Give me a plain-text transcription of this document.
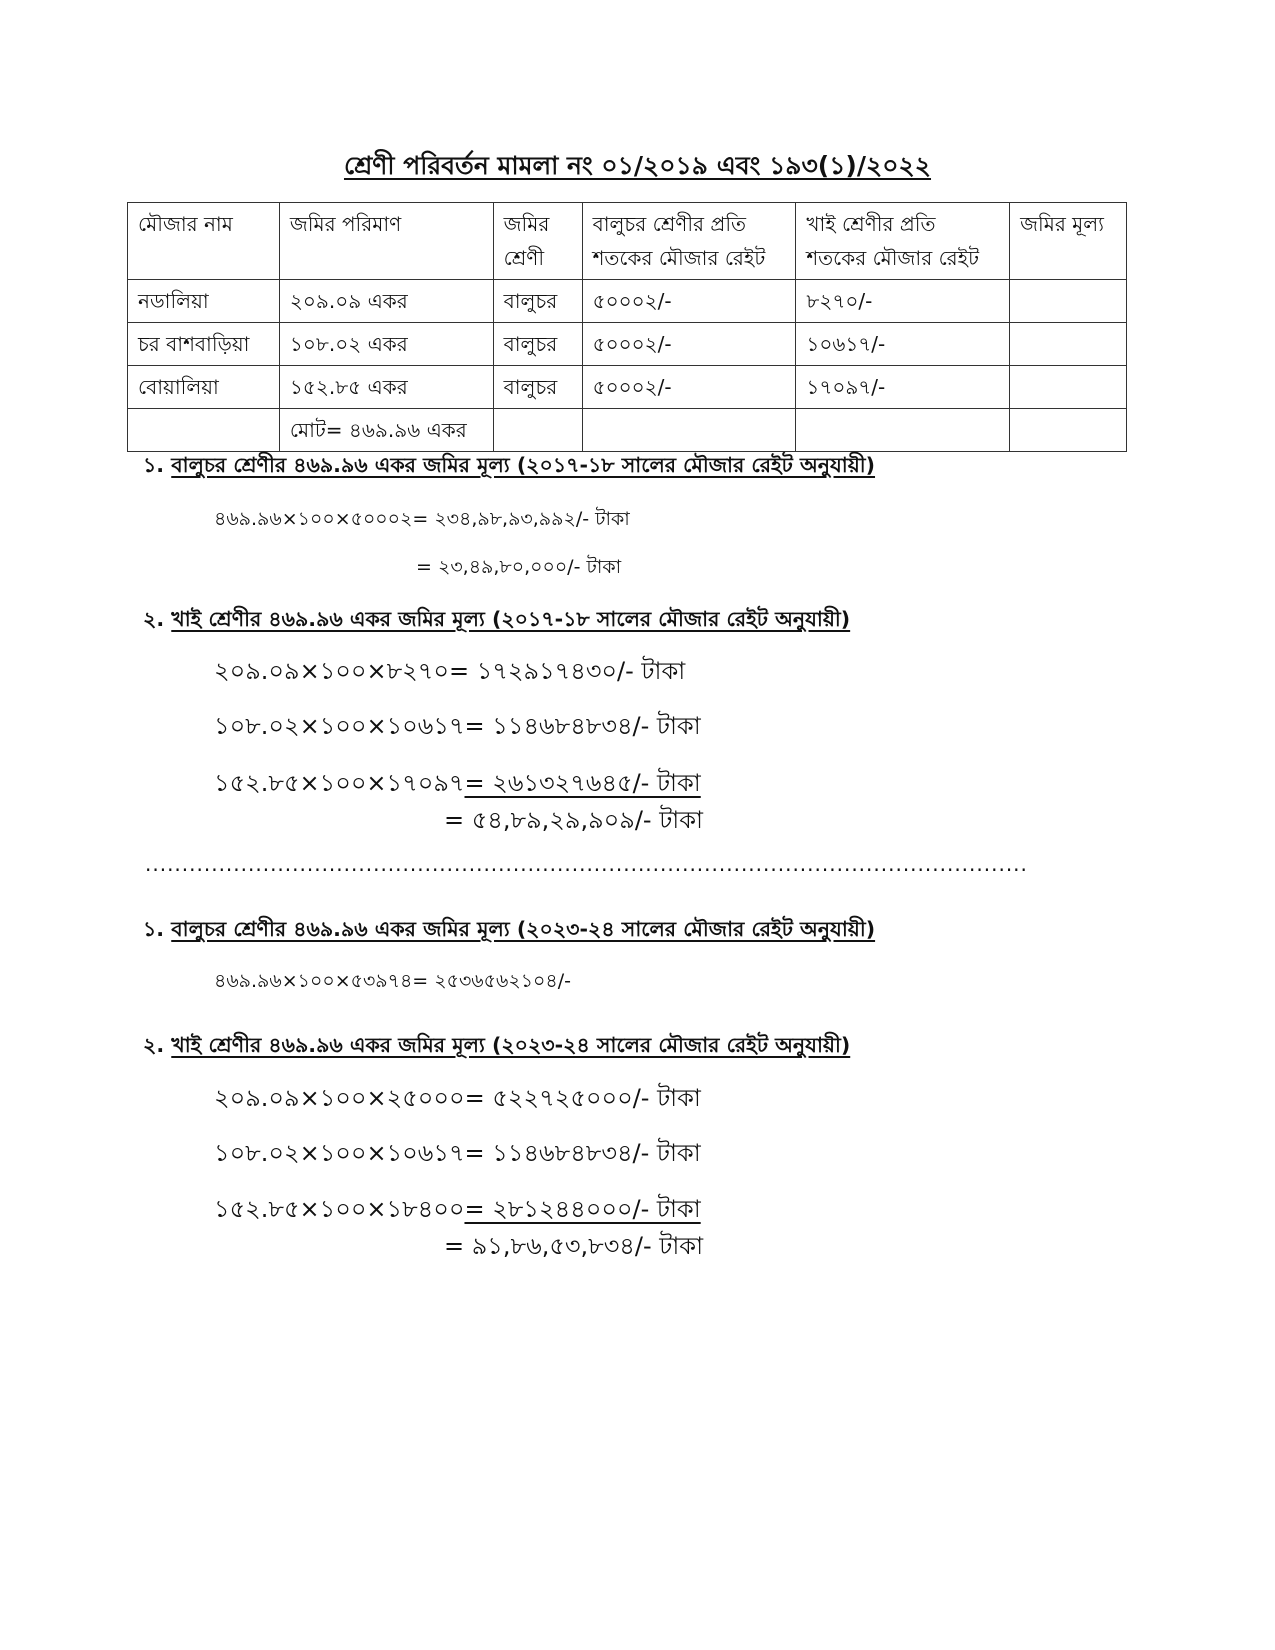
শ্রেণী পরিবর্তন মামলা নং ০১/২০১৯ এবং ১৯৩(১)/২০২২
মৌজার নাম	জমির পরিমাণ	জমির শ্রেণী	বালুচর শ্রেণীর প্রতি শতকের মৌজার রেইট	খাই শ্রেণীর প্রতি শতকের মৌজার রেইট	জমির মূল্য
নডালিয়া	২০৯.০৯ একর	বালুচর	৫০০০২/-	৮২৭০/-	
চর বাশবাড়িয়া	১০৮.০২ একর	বালুচর	৫০০০২/-	১০৬১৭/-	
বোয়ালিয়া	১৫২.৮৫ একর	বালুচর	৫০০০২/-	১৭০৯৭/-	
	মোট= ৪৬৯.৯৬ একর				
১. বালুচর শ্রেণীর ৪৬৯.৯৬ একর জমির মূল্য (২০১৭-১৮ সালের মৌজার রেইট অনুযায়ী)
৪৬৯.৯৬×১০০×৫০০০২= ২৩৪,৯৮,৯৩,৯৯২/- টাকা
= ২৩,৪৯,৮০,০০০/- টাকা
২. খাই শ্রেণীর ৪৬৯.৯৬ একর জমির মূল্য (২০১৭-১৮ সালের মৌজার রেইট অনুযায়ী)
২০৯.০৯×১০০×৮২৭০= ১৭২৯১৭৪৩০/- টাকা
১০৮.০২×১০০×১০৬১৭= ১১৪৬৮৪৮৩৪/- টাকা
১৫২.৮৫×১০০×১৭০৯৭= ২৬১৩২৭৬৪৫/- টাকা
= ৫৪,৮৯,২৯,৯০৯/- টাকা
........................................................................................................................
১. বালুচর শ্রেণীর ৪৬৯.৯৬ একর জমির মূল্য (২০২৩-২৪ সালের মৌজার রেইট অনুযায়ী)
৪৬৯.৯৬×১০০×৫৩৯৭৪= ২৫৩৬৫৬২১০৪/-
২. খাই শ্রেণীর ৪৬৯.৯৬ একর জমির মূল্য (২০২৩-২৪ সালের মৌজার রেইট অনুযায়ী)
২০৯.০৯×১০০×২৫০০০= ৫২২৭২৫০০০/- টাকা
১০৮.০২×১০০×১০৬১৭= ১১৪৬৮৪৮৩৪/- টাকা
১৫২.৮৫×১০০×১৮৪০০= ২৮১২৪৪০০০/- টাকা
= ৯১,৮৬,৫৩,৮৩৪/- টাকা
